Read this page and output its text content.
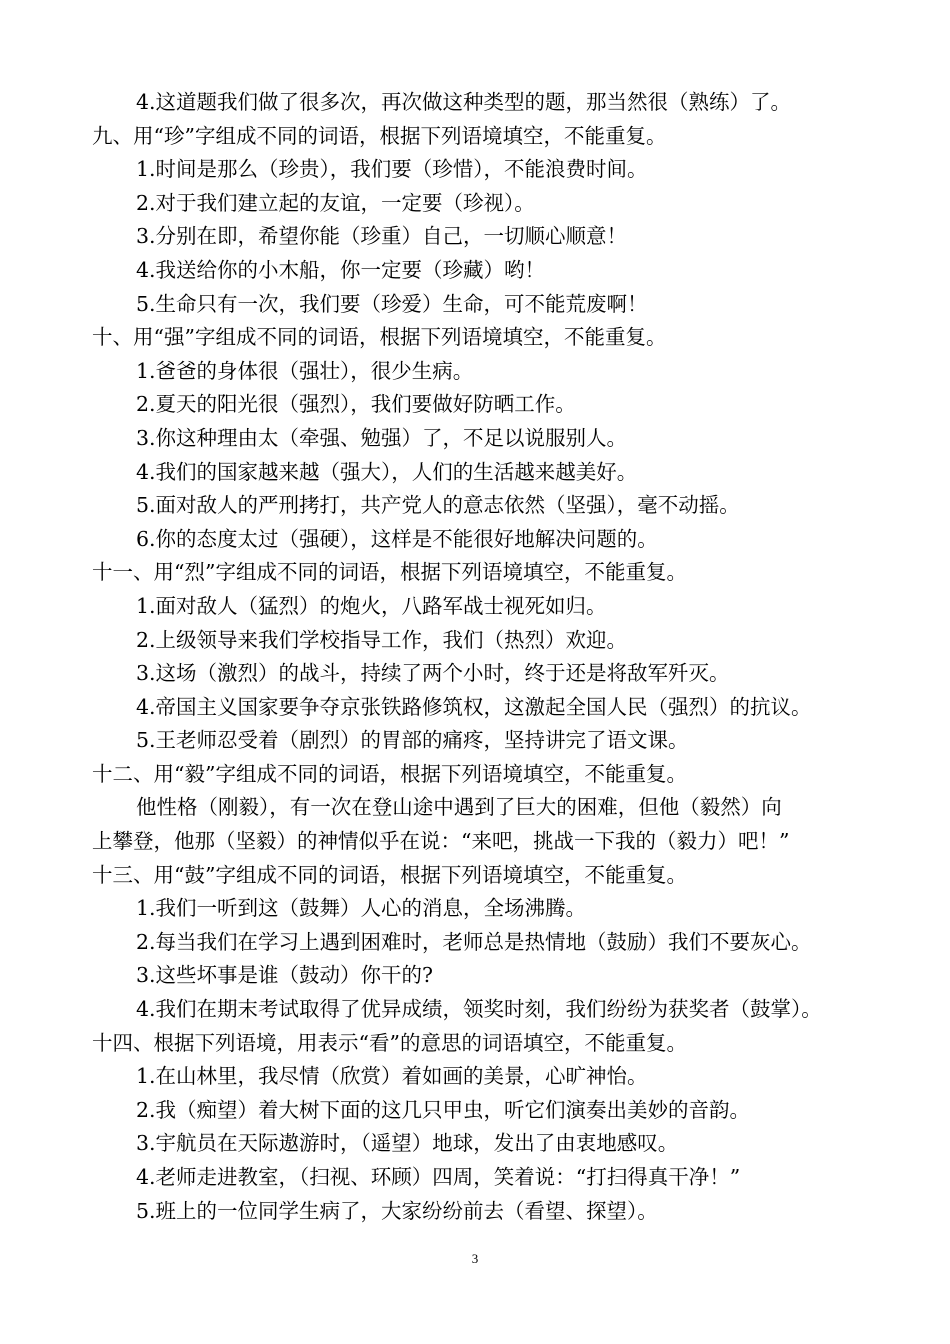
4.这道题我们做了很多次，再次做这种类型的题，那当然很（熟练）了。
九、用“珍”字组成不同的词语，根据下列语境填空，不能重复。
1.时间是那么（珍贵），我们要（珍惜），不能浪费时间。
2.对于我们建立起的友谊，一定要（珍视）。
3.分别在即，希望你能（珍重）自己，一切顺心顺意！
4.我送给你的小木船，你一定要（珍藏）哟！
5.生命只有一次，我们要（珍爱）生命，可不能荒废啊！
十、用“强”字组成不同的词语，根据下列语境填空，不能重复。
1.爸爸的身体很（强壮），很少生病。
2.夏天的阳光很（强烈），我们要做好防晒工作。
3.你这种理由太（牵强、勉强）了，不足以说服别人。
4.我们的国家越来越（强大），人们的生活越来越美好。
5.面对敌人的严刑拷打，共产党人的意志依然（坚强），毫不动摇。
6.你的态度太过（强硬），这样是不能很好地解决问题的。
十一、用“烈”字组成不同的词语，根据下列语境填空，不能重复。
1.面对敌人（猛烈）的炮火，八路军战士视死如归。
2.上级领导来我们学校指导工作，我们（热烈）欢迎。
3.这场（激烈）的战斗，持续了两个小时，终于还是将敌军歼灭。
4.帝国主义国家要争夺京张铁路修筑权，这激起全国人民（强烈）的抗议。
5.王老师忍受着（剧烈）的胃部的痛疼，坚持讲完了语文课。
十二、用“毅”字组成不同的词语，根据下列语境填空，不能重复。
他性格（刚毅），有一次在登山途中遇到了巨大的困难，但他（毅然）向
上攀登，他那（坚毅）的神情似乎在说：“来吧，挑战一下我的（毅力）吧！”
十三、用“鼓”字组成不同的词语，根据下列语境填空，不能重复。
1.我们一听到这（鼓舞）人心的消息，全场沸腾。
2.每当我们在学习上遇到困难时，老师总是热情地（鼓励）我们不要灰心。
3.这些坏事是谁（鼓动）你干的?
4.我们在期末考试取得了优异成绩，领奖时刻，我们纷纷为获奖者（鼓掌）。
十四、根据下列语境，用表示“看”的意思的词语填空，不能重复。
1.在山林里，我尽情（欣赏）着如画的美景，心旷神怡。
2.我（痴望）着大树下面的这几只甲虫，听它们演奏出美妙的音韵。
3.宇航员在天际遨游时，（遥望）地球，发出了由衷地感叹。
4.老师走进教室，（扫视、环顾）四周，笑着说：“打扫得真干净！”
5.班上的一位同学生病了，大家纷纷前去（看望、探望）。
3
